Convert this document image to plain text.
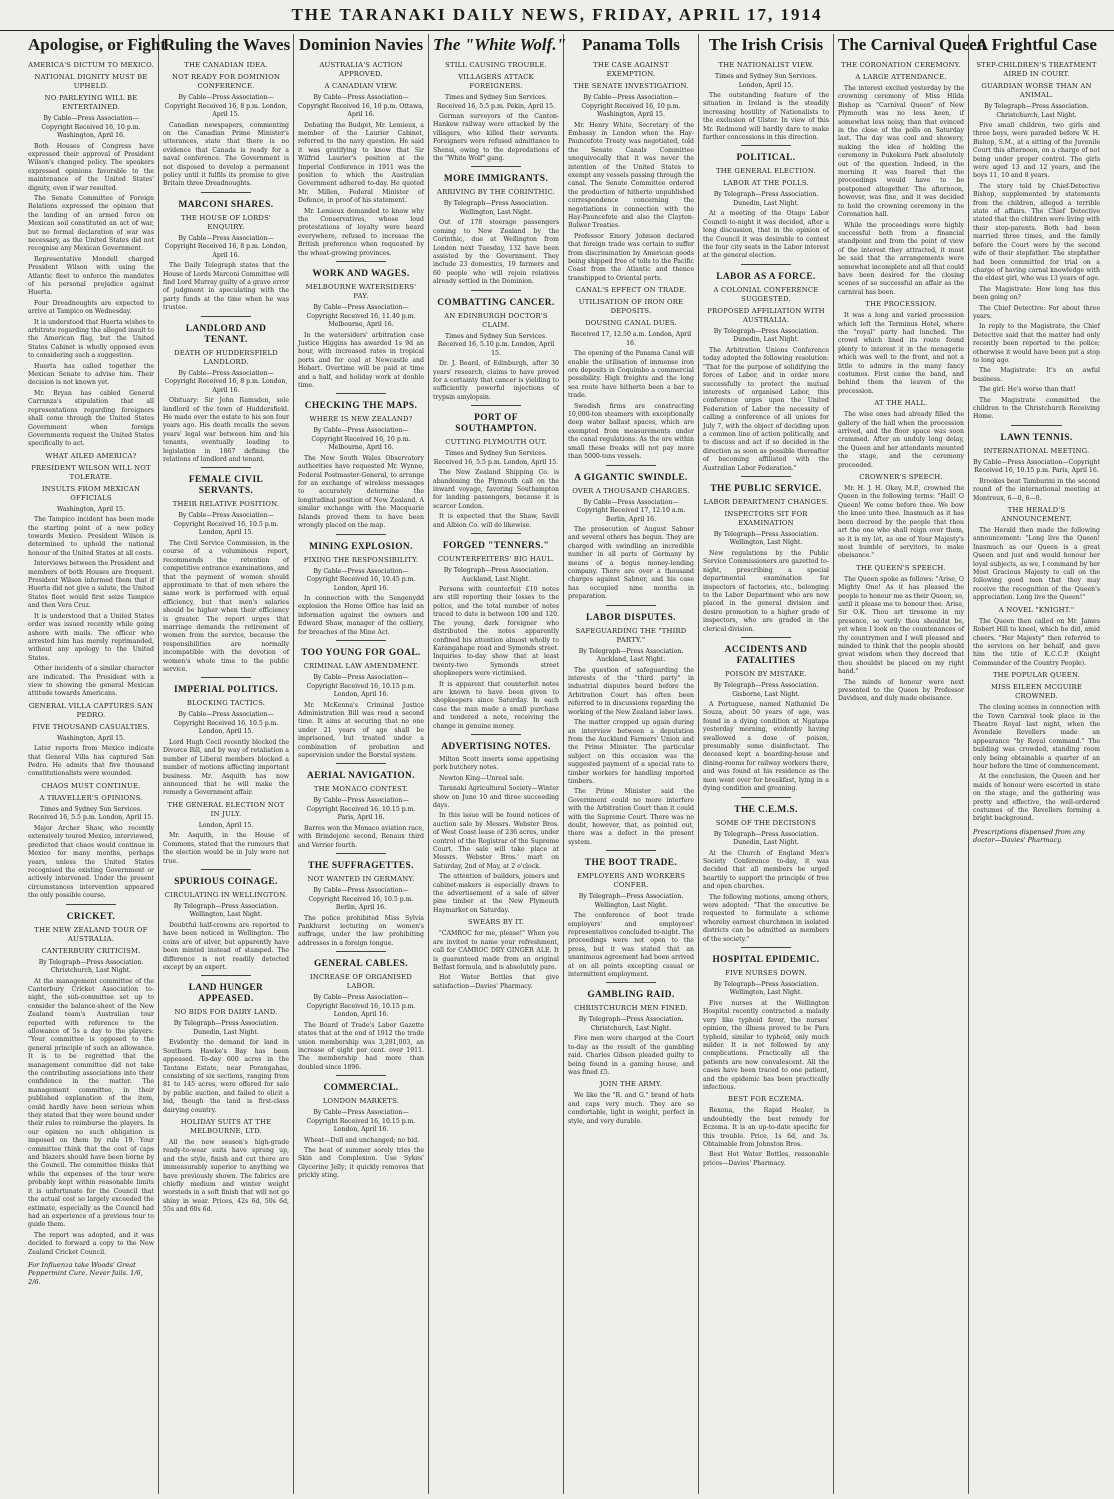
THE TARANAKI DAILY NEWS, FRIDAY, APRIL 17, 1914
Apologise, or Fight
AMERICA'S DICTUM TO MEXICO.
NATIONAL DIGNITY MUST BE UPHELD.
NO PARLEYING WILL BE ENTERTAINED.
By Cable—Press Association—Copyright Received 16, 10 p.m. Washington, April 16.
Both Houses of Congress have expressed their approval of President Wilson's changed policy. The speakers expressed opinions favorable to the maintenance of the United States' dignity, even if war resulted.
The Senate Committee of Foreign Relations expressed the opinion that the landing of an armed force on Mexican soil constituted an act of war, but no formal declaration of war was necessary, as the United States did not recognise any Mexican Government.
Representative Mondell charged President Wilson with using the Atlantic fleet to enforce the mandates of his personal prejudice against Huerta.
Four Dreadnoughts are expected to arrive at Tampico on Wednesday.
It is understood that Huerta wishes to arbitrate regarding the alleged insult to the American flag, but the United States Cabinet is wholly opposed even to considering such a suggestion.
Huerta has called together the Mexican Senate to advise him. Their decision is not known yet.
Mr. Bryan has cabled General Carranza's stipulation that all representations regarding foreigners shall come through the United States Government when foreign Governments request the United States specifically to act.
WHAT AILED AMERICA?
PRESIDENT WILSON WILL NOT TOLERATE.
INSULTS FROM MEXICAN OFFICIALS
Washington, April 15.
The Tampico incident has been made the starting point of a new policy towards Mexico. President Wilson is determined to uphold the national honour of the United States at all costs.
Interviews between the President and members of both Houses are frequent. President Wilson informed them that if Huerta did not give a salute, the United States fleet would first seize Tampico and then Vera Cruz.
It is understood that a United States order was issued recently while going ashore with mails. The officer who arrested him has merely reprimanded, without any apology to the United States.
Other incidents of a similar character are indicated. The President with a view to showing the general Mexican attitude towards Americans.
GENERAL VILLA CAPTURES SAN PEDRO.
FIVE THOUSAND CASUALTIES.
Washington, April 15.
Later reports from Mexico indicate that General Villa has captured San Pedro. He admits that five thousand constitutionalists were wounded.
CHAOS MUST CONTINUE.
A TRAVELLER'S OPINIONS.
Times and Sydney Sun Services. Received 16, 5.5 p.m. London, April 15.
Major Archer Shaw, who recently extensively toured Mexico, interviewed, predicted that chaos would continue in Mexico for many months, perhaps years, unless the United States recognised the existing Government or actively intervened. Under the present circumstances intervention appeared the only possible course.
CRICKET.
THE NEW ZEALAND TOUR OF AUSTRALIA.
CANTERBURY CRITICISM.
By Telegraph—Press Association. Christchurch, Last Night.
At the management committee of the Canterbury Cricket Association to-night, the sub-committee set up to consider the balance-sheet of the New Zealand team's Australian tour reported with reference to the allowance of 5s a day to the players: "Your committee is opposed to the general principle of such an allowance. It is to be regretted that the management committee did not take the contributing associations into their confidence in the matter. The management committee, in their published explanation of the item, could hardly have been serious when they stated that they were bound under their rules to reimburse the players. In our opinion no such obligation is imposed on them by rule 19. Your committee think that the cost of caps and blazers should have been borne by the Council. The committee thinks that while the expenses of the tour were probably kept within reasonable limits it is unfortunate for the Council that the actual cost so largely exceeded the estimate, especially as the Council had had an experience of a previous tour to guide them.
The report was adopted, and it was decided to forward a copy to the New Zealand Cricket Council.
For Influenza take Woods' Great Peppermint Cure. Never fails. 1/6, 2/6.
Ruling the Waves
THE CANADIAN IDEA.
NOT READY FOR DOMINION CONFERENCE.
By Cable—Press Association—Copyright Received 16, 8 p.m. London, April 15.
Canadian newspapers, commenting on the Canadian Prime Minister's utterances, state that there is no evidence that Canada is ready for a naval conference. The Government is not disposed to develop a permanent policy until it fulfils its promise to give Britain three Dreadnoughts.
MARCONI SHARES.
THE HOUSE OF LORDS' ENQUIRY.
By Cable—Press Association—Copyright Received 16, 8 p.m. London, April 16.
The Daily Telegraph states that the House of Lords Marconi Committee will find Lord Murray guilty of a grave error of judgment in speculating with the party funds at the time when he was trustee.
LANDLORD AND TENANT.
DEATH OF HUDDERSFIELD LANDLORD.
By Cable—Press Association—Copyright Received 16, 8 p.m. London, April 16.
Obituary: Sir John Ramsden, sole landlord of the town of Huddersfield. He made over the estate to his son four years ago. His death recalls the seven years' legal war between him and his tenants, eventually leading to legislation in 1867 defining the relations of landlord and tenant.
FEMALE CIVIL SERVANTS.
THEIR RELATIVE POSITION.
By Cable—Press Association—Copyright Received 16, 10.5 p.m. London, April 15.
The Civil Service Commission, in the course of a voluminous report, recommends the retention of competitive entrance examinations, and that the payment of women should approximate to that of men where the same work is performed with equal efficiency, but that men's salaries should be higher when their efficiency is greater. The report urges that marriage demands the retirement of women from the service, because the responsibilities are normally incompatible with the devotion of women's whole time to the public service.
IMPERIAL POLITICS.
BLOCKING TACTICS.
By Cable—Press Association—Copyright Received 16, 10.5 p.m. London, April 15.
Lord Hugh Cecil recently blocked the Divorce Bill, and by way of retaliation a number of Liberal members blocked a number of motions affecting important business. Mr. Asquith has now announced that he will make the remedy a Government affair.
THE GENERAL ELECTION NOT IN JULY.
London, April 15.
Mr. Asquith, in the House of Commons, stated that the rumours that the election would be in July were not true.
SPURIOUS COINAGE.
CIRCULATING IN WELLINGTON.
By Telegraph—Press Association. Wellington, Last Night.
Doubtful half-crowns are reported to have been noticed in Wellington. The coins are of silver, but apparently have been minted instead of stamped. The difference is not readily detected except by an expert.
LAND HUNGER APPEASED.
NO BIDS FOR DAIRY LAND.
By Telegraph—Press Association. Dunedin, Last Night.
Evidently the demand for land in Southern Hawke's Bay has been appeased. To-day 600 acres in the Tautane Estate, near Porangahau, consisting of six sections, ranging from 81 to 145 acres, were offered for sale by public auction, and failed to elicit a bid, though the land is first-class dairying country.
HOLIDAY SUITS AT THE MELBOURNE, LTD.
All the new season's high-grade ready-to-wear suits have sprung up, and the style, finish and cut there are immeasurably superior to anything we have previously shown. The fabrics are chiefly medium and winter weight worsteds in a soft finish that will not go shiny in wear. Prices, 42s 6d, 50s 6d, 55s and 60s 6d.
Dominion Navies
AUSTRALIA'S ACTION APPROVED.
A CANADIAN VIEW.
By Cable—Press Association—Copyright Received 16, 10 p.m. Ottawa, April 16.
Debating the Budget, Mr. Lemieux, a member of the Laurier Cabinet, referred to the navy question. He said it was gratifying to know that Sir Wilfrid Laurier's position at the Imperial Conference in 1911 was the position to which the Australian Government adhered to-day. He quoted Mr. Millen, Federal Minister of Defence, in proof of his statement.
Mr. Lemieux demanded to know why the Conservatives, whose loud protestations of loyalty were heard everywhere, refused to increase the British preference when requested by the wheat-growing provinces.
WORK AND WAGES.
MELBOURNE WATERSIDERS' PAY.
By Cable—Press Association—Copyright Received 16, 11.40 p.m. Melbourne, April 16.
In the watersiders' arbitration case Justice Higgins has awarded 1s 9d an hour, with increased rates in tropical ports and for coal at Newcastle and Hobart. Overtime will be paid at time and a half, and holiday work at double time.
CHECKING THE MAPS.
WHERE IS NEW ZEALAND?
By Cable—Press Association—Copyright Received 16, 10 p.m. Melbourne, April 16.
The New South Wales Observatory authorities have requested Mr. Wynne, Federal Postmaster-General, to arrange for an exchange of wireless messages to accurately determine the longitudinal position of New Zealand. A similar exchange with the Macquarie Islands proved them to have been wrongly placed on the map.
MINING EXPLOSION.
FIXING THE RESPONSIBILITY.
By Cable—Press Association—Copyright Received 16, 10.45 p.m. London, April 16.
In connection with the Sengenydd explosion the Home Office has laid an information against the owners and Edward Shaw, manager of the colliery, for breaches of the Mine Act.
TOO YOUNG FOR GOAL.
CRIMINAL LAW AMENDMENT.
By Cable—Press Association—Copyright Received 16, 10.15 p.m. London, April 16.
Mr. McKenna's Criminal Justice Administration Bill was read a second time. It aims at securing that no one under 21 years of age shall be imprisoned, but treated under a combination of probation and supervision under the Borstal system.
AERIAL NAVIGATION.
THE MONACO CONTEST.
By Cable—Press Association—Copyright Received 16, 10.15 p.m. Paris, April 16.
Barros won the Monaco aviation race, with Brindejonc second, Renaux third and Verrier fourth.
THE SUFFRAGETTES.
NOT WANTED IN GERMANY.
By Cable—Press Association—Copyright Received 16, 10.5 p.m. Berlin, April 16.
The police prohibited Miss Sylvia Pankhurst lecturing on women's suffrage, under the law prohibiting addresses in a foreign tongue.
GENERAL CABLES.
INCREASE OF ORGANISED LABOR.
By Cable—Press Association—Copyright Received 16, 10.15 p.m. London, April 16.
The Board of Trade's Labor Gazette states that at the end of 1912 the trade union membership was 3,281,003, an increase of eight per cent. over 1911. The membership had more than doubled since 1896.
COMMERCIAL.
LONDON MARKETS.
By Cable—Press Association—Copyright Received 16, 10.15 p.m. London, April 16.
Wheat—Dull and unchanged; no bid.
The heat of summer sorely tries the Skin and Complexion. Use Sykes' Glycerine Jelly; it quickly removes that prickly sting.
The "White Wolf."
STILL CAUSING TROUBLE.
VILLAGERS ATTACK FOREIGNERS.
Times and Sydney Sun Services. Received 16, 5.5 p.m. Pekin, April 15.
German surveyors of the Canton-Hankow railway were attacked by the villagers, who killed their servants. Foreigners were refused admittance to Shensi, owing to the depredations of the "White Wolf" gang.
MORE IMMIGRANTS.
ARRIVING BY THE CORINTHIC.
By Telegraph—Press Association. Wellington, Last Night.
Out of 178 steerage passengers coming to New Zealand by the Corinthic, due at Wellington from London next Tuesday, 132 have been assisted by the Government. They include 23 domestics, 19 farmers and 60 people who will rejoin relatives already settled in the Dominion.
COMBATTING CANCER.
AN EDINBURGH DOCTOR'S CLAIM.
Times and Sydney Sun Services. Received 16, 5.10 p.m. London, April 15.
Dr. J. Beard, of Edinburgh, after 30 years' research, claims to have proved for a certainty that cancer is yielding to sufficiently powerful injections of trypsin amylopsin.
PORT OF SOUTHAMPTON.
CUTTING PLYMOUTH OUT.
Times and Sydney Sun Services. Received 16, 5.5 p.m. London, April 15.
The New Zealand Shipping Co. is abandoning the Plymouth call on the inward voyage, favoring Southampton for landing passengers, because it is scarcer London.
It is expected that the Shaw, Savill and Albion Co. will do likewise.
FORGED "TENNERS."
COUNTERFEITERS' BIG HAUL.
By Telegraph—Press Association. Auckland, Last Night.
Persons with counterfeit £10 notes are still reporting their losses to the police, and the total number of notes traced to date is between 100 and 120. The young, dark foreigner who distributed the notes apparently confined his attention almost wholly to Karangahape road and Symonds street. Inquiries to-day show that at least twenty-two Symonds street shopkeepers were victimised.
It is apparent that counterfeit notes are known to have been given to shopkeepers since Saturday. In each case the man made a small purchase and tendered a note, receiving the change in genuine money.
ADVERTISING NOTES.
Milton Scott inserts some appetising pork butchery notes.
Newton King—Unreal sale.
Taranaki Agricultural Society—Winter show on June 10 and three succeeding days.
In this issue will be found notices of auction sale by Messrs. Webster Bros. of West Coast lease of 236 acres, under control of the Registrar of the Supreme Court. The sale will take place at Messrs. Webster Bros.' mart on Saturday, 2nd of May, at 2 o'clock.
The attention of builders, joiners and cabinet-makers is especially drawn to the advertisement of a sale of silver pine timber at the New Plymouth Haymarket on Saturday.
SWEARS BY IT.
"CAMROC for me, please!" When you are invited to name your refreshment, call for CAMROC DRY GINGER ALE. It is guaranteed made from an original Belfast formula, and is absolutely pure.
Hot Water Bottles that give satisfaction—Davies' Pharmacy.
Panama Tolls
THE CASE AGAINST EXEMPTION.
THE SENATE INVESTIGATION.
By Cable—Press Association—Copyright Received 16, 10 p.m. Washington, April 15.
Mr. Henry White, Secretary of the Embassy in London when the Hay-Pauncefote Treaty was negotiated, told the Senate Canals Committee unequivocally that it was never the intention of the United States to exempt any vessels passing through the canal. The Senate Committee ordered the production of hitherto unpublished correspondence concerning the negotiations in connection with the Hay-Pauncefote and also the Clayton-Bulwer Treaties.
Professor Emory Johnson declared that foreign trade was certain to suffer from discrimination by American goods being shipped free of tolls to the Pacific Coast from the Atlantic and thence transhipped to Oriental ports.
CANAL'S EFFECT ON TRADE.
UTILISATION OF IRON ORE DEPOSITS.
DOUSING CANAL DUES.
Received 17, 12.50 a.m. London, April 16.
The opening of the Panama Canal will enable the utilisation of immense iron ore deposits in Coquimbo a commercial possibility. High freights and the long sea route have hitherto been a bar to trade.
Swedish firms are constructing 10,000-ton steamers with exceptionally deep water ballast spaces, which are exempted from measurements under the canal regulations. As the ore within small these freaks will not pay more than 5000-tons vessels.
A GIGANTIC SWINDLE.
OVER A THOUSAND CHARGES.
By Cable—Press Association—Copyright Received 17, 12.10 a.m. Berlin, April 16.
The prosecution of August Sabner and several others has begun. They are charged with swindling an incredible number in all parts of Germany by means of a bogus money-lending company. There are over a thousand charges against Sabner, and his case has occupied nine months in preparation.
LABOR DISPUTES.
SAFEGUARDING THE "THIRD PARTY."
By Telegraph—Press Association. Auckland, Last Night.
The question of safeguarding the interests of the "third party" in industrial disputes heard before the Arbitration Court has often been referred to in discussions regarding the working of the New Zealand labor laws.
The matter cropped up again during an interview between a deputation from the Auckland Farmers' Union and the Prime Minister. The particular subject on this occasion was the suggested payment of a special rate to timber workers for handling imported timbers.
The Prime Minister said the Government could no more interfere with the Arbitration Court than it could with the Supreme Court. There was no doubt, however, that, as pointed out, there was a defect in the present system.
THE BOOT TRADE.
EMPLOYERS AND WORKERS CONFER.
By Telegraph—Press Association. Wellington, Last Night.
The conference of boot trade employers' and employees' representatives concluded to-night. The proceedings were not open to the press, but it was stated that an unanimous agreement had been arrived at on all points excepting casual or intermittent employment.
GAMBLING RAID.
CHRISTCHURCH MEN FINED.
By Telegraph—Press Association. Christchurch, Last Night.
Five men were charged at the Court to-day as the result of the gambling raid. Charles Gibson pleaded guilty to being found in a gaming house, and was fined £5.
JOIN THE ARMY.
We like the "R. and G." brand of hats and caps very much. They are so comfortable, light in weight, perfect in style, and very durable.
The Irish Crisis
THE NATIONALIST VIEW.
Times and Sydney Sun Services. London, April 15.
The outstanding feature of the situation in Ireland is the steadily increasing hostility of Nationalists to the exclusion of Ulster. In view of this Mr. Redmond will hardly dare to make further concessions in this direction.
POLITICAL.
THE GENERAL ELECTION.
LABOR AT THE POLLS.
By Telegraph—Press Association. Dunedin, Last Night.
At a meeting of the Otago Labor Council to-night it was decided, after a long discussion, that in the opinion of the Council it was desirable to contest the four city seats in the Labor interest at the general election.
LABOR AS A FORCE.
A COLONIAL CONFERENCE SUGGESTED.
PROPOSED AFFILIATION WITH AUSTRALIA.
By Telegraph—Press Association. Dunedin, Last Night.
The Arbitration Unions Conference today adopted the following resolution: "That for the purpose of solidifying the forces of Labor, and in order more successfully to protect the mutual interests of organised Labor, this conference urges upon the United Federation of Labor the necessity of calling a conference of all unions for July 7, with the object of deciding upon a common line of action politically, and to discuss and act if so decided in the direction as soon as possible thereafter of becoming affiliated with the Australian Labor Federation."
THE PUBLIC SERVICE.
LABOR DEPARTMENT CHANGES.
INSPECTORS SIT FOR EXAMINATION
By Telegraph—Press Association. Wellington, Last Night.
New regulations by the Public Service Commissioners are gazetted to-night, prescribing a special departmental examination for inspectors of factories, etc., belonging to the Labor Department who are now placed in the general division and desire promotion to a higher grade of inspectors, who are graded in the clerical division.
ACCIDENTS AND FATALITIES
POISON BY MISTAKE.
By Telegraph—Press Association. Gisborne, Last Night.
A Portuguese, named Nathaniel De Souza, about 50 years of age, was found in a dying condition at Ngatapa yesterday morning, evidently having swallowed a dose of poison, presumably some disinfectant. The deceased kept a boarding-house and dining-rooms for railway workers there, and was found at his residence as the men went over for breakfast, lying in a dying condition and groaning.
THE C.E.M.S.
SOME OF THE DECISIONS
By Telegraph—Press Association. Dunedin, Last Night.
At the Church of England Men's Society Conference to-day, it was decided that all members be urged heartily to support the principle of free and open churches.
The following motions, among others, were adopted: "That the executive be requested to formulate a scheme whereby earnest churchmen in isolated districts can be admitted as members of the society."
HOSPITAL EPIDEMIC.
FIVE NURSES DOWN.
By Telegraph—Press Association. Wellington, Last Night.
Five nurses at the Wellington Hospital recently contracted a malady very like typhoid fever, the nurses' opinion, the illness proved to be Para typhoid, similar to typhoid, only much milder. It is not followed by any complications. Practically all the patients are now convalescent. All the cases have been traced to one patient, and the epidemic has been practically infectious.
BEST FOR ECZEMA.
Rexona, the Rapid Healer, is undoubtedly the best remedy for Eczema. It is an up-to-date specific for this trouble. Price, 1s 6d, and 3s. Obtainable from Johnston Bros.
Best Hot Water Bottles, reasonable prices—Davies' Pharmacy.
The Carnival Queen
THE CORONATION CEREMONY.
A LARGE ATTENDANCE.
The interest excited yesterday by the crowning ceremony of Miss Hilda Bishop as "Carnival Queen" of New Plymouth was no less keen, if somewhat less noisy, than that evinced in the close of the polls on Saturday last. The day was cool and showery, making the idea of holding the ceremony in Pukekura Park absolutely out of the question. Indeed, in the morning it was feared that the proceedings would have to be postponed altogether. The afternoon, however, was fine, and it was decided to hold the crowning ceremony in the Coronation hall.
While the proceedings were highly successful both from a financial standpoint and from the point of view of the interest they attracted, it must be said that the arrangements were somewhat incomplete and all that could have been desired for the closing scenes of so successful an affair as the carnival has been.
THE PROCESSION.
It was a long and varied procession which left the Terminus Hotel, where the "royal" party had lunched. The crowd which lined its route found plenty to interest it in the menagerie which was well to the front, and not a little to admire in the many fancy costumes. First came the band, and behind them the leaven of the procession.
AT THE HALL.
The wise ones had already filled the gallery of the hall when the procession arrived, and the floor space was soon crammed. After an unduly long delay, the Queen and her attendants mounted the stage, and the ceremony proceeded.
CROWNER'S SPEECH.
Mr. H. J. H. Okey, M.P., crowned the Queen in the following terms: "Hail! O Queen! We come before thee. We bow the knee unto thee. Inasmuch as it has been decreed by the people that thou art the one who shall reign over them, so it is my lot, as one of Your Majesty's most humble of servitors, to make obeisance."
THE QUEEN'S SPEECH.
The Queen spoke as follows: "Arise, O Mighty One! As it has pleased the people to honour me as their Queen, so, until it please me to honour thee. Arise, Sir O.K. Thou art tiresome in my presence, so verily thou shouldst be, yet when I look on the countenances of thy countrymen and I well pleased and minded to think that the people should great wisdom when they decreed that thou shouldst be placed on my right hand."
The minds of honour were next presented to the Queen by Professor Davidson, and duly made obeisance.
A Frightful Case
STEP-CHILDREN'S TREATMENT AIRED IN COURT.
GUARDIAN WORSE THAN AN ANIMAL.
By Telegraph—Press Association. Christchurch, Last Night.
Five small children, two girls and three boys, were paraded before W. H. Bishop, S.M., at a sitting of the Juvenile Court this afternoon, on a charge of not being under proper control. The girls were aged 13 and 12 years, and the boys 11, 10 and 8 years.
The story told by Chief-Detective Bishop, supplemented by statements from the children, alleged a terrible state of affairs. The Chief Detective stated that the children were living with their step-parents. Both had been married three times, and the family before the Court were by the second wife of their stepfather. The stepfather had been committed for trial on a charge of having carnal knowledge with the eldest girl, who was 13 years of age.
The Magistrate: How long has this been going on?
The Chief Detective: For about three years.
In reply to the Magistrate, the Chief Detective said that the matter had only recently been reported to the police; otherwise it would have been put a stop to long ago.
The Magistrate: It's an awful business.
The girl: He's worse than that!
The Magistrate committed the children to the Christchurch Receiving Home.
LAWN TENNIS.
INTERNATIONAL MEETING.
By Cable—Press Association—Copyright Received 16, 10.15 p.m. Paris, April 16.
Brookes beat Tamburini in the second round of the international meeting at Montreux, 6—0, 6—0.
THE HERALD'S ANNOUNCEMENT.
The Herald then made the following announcement: "Long live the Queen! Inasmuch as our Queen is a great Queen and just and would honour her loyal subjects, as we, I command by her Most Gracious Majesty to call on the following good men that they may receive the recognition of the Queen's appreciation. Long live the Queen!"
A NOVEL "KNIGHT."
The Queen then called on Mr. James Robert Hill to kneel, which he did, amid cheers. "Her Majesty" then referred to the services on her behalf, and gave him the title of K.C.C.P. (Knight Commander of the Country People).
THE POPULAR QUEEN.
MISS EILEEN MCGUIRE CROWNED.
The closing scenes in connection with the Town Carnival took place in the Theatre Royal last night, when the Avondale Revellers made an appearance "by Royal command." The building was crowded, standing room only being obtainable a quarter of an hour before the time of commencement.
At the conclusion, the Queen and her maids of honour were escorted in state on the stage, and the gathering was pretty and effective, the well-ordered costumes of the Revellers forming a bright background.
Prescriptions dispensed from any doctor—Davies' Pharmacy.
